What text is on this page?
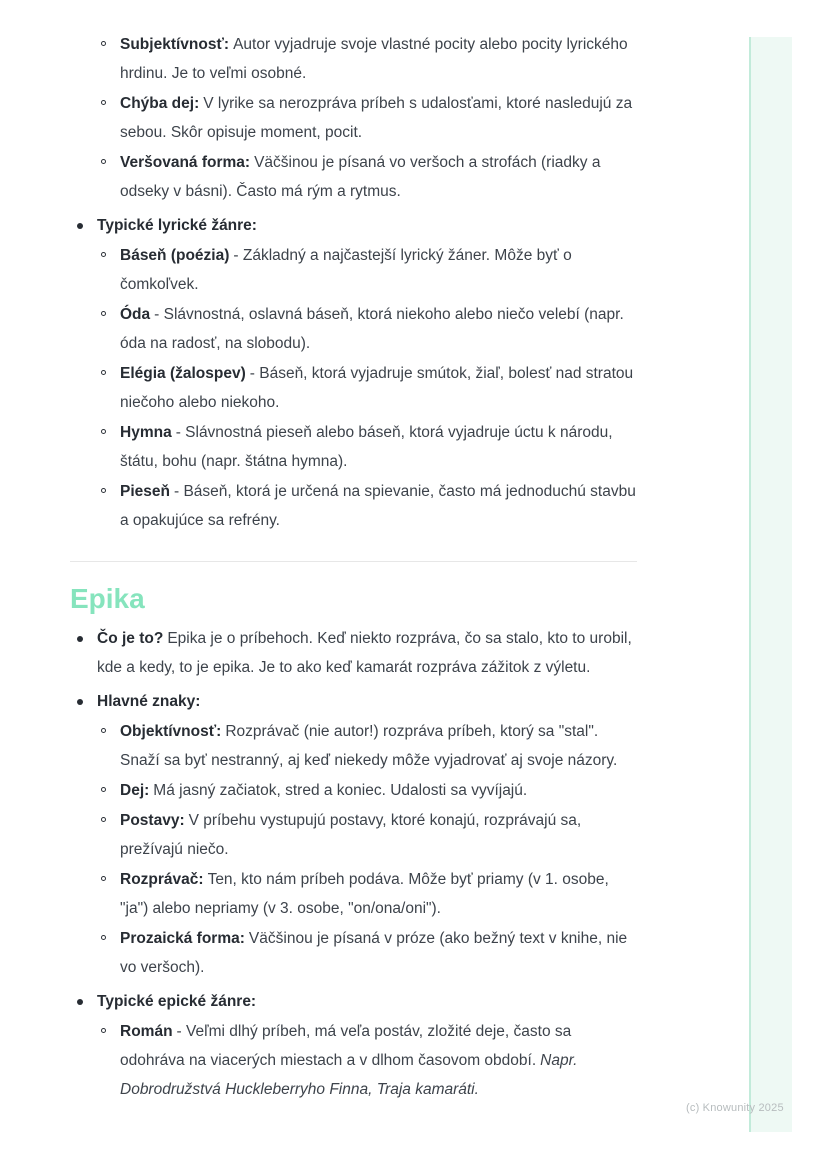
(c) Knowunity 2025
Subjektívnosť: Autor vyjadruje svoje vlastné pocity alebo pocity lyrického hrdinu. Je to veľmi osobné.
Chýba dej: V lyrike sa nerozpráva príbeh s udalosťami, ktoré nasledujú za sebou. Skôr opisuje moment, pocit.
Veršovaná forma: Väčšinou je písaná vo veršoch a strofách (riadky a odseky v básni). Často má rým a rytmus.
Typické lyrické žánre:
Báseň (poézia) - Základný a najčastejší lyrický žáner. Môže byť o čomkoľvek.
Óda - Slávnostná, oslavná báseň, ktorá niekoho alebo niečo velebí (napr. óda na radosť, na slobodu).
Elégia (žalospev) - Báseň, ktorá vyjadruje smútok, žiaľ, bolesť nad stratou niečoho alebo niekoho.
Hymna - Slávnostná pieseň alebo báseň, ktorá vyjadruje úctu k národu, štátu, bohu (napr. štátna hymna).
Pieseň - Báseň, ktorá je určená na spievanie, často má jednoduchú stavbu a opakujúce sa refrény.
Epika
Čo je to? Epika je o príbehoch. Keď niekto rozpráva, čo sa stalo, kto to urobil, kde a kedy, to je epika. Je to ako keď kamarát rozpráva zážitok z výletu.
Hlavné znaky:
Objektívnosť: Rozprávač (nie autor!) rozpráva príbeh, ktorý sa "stal". Snaží sa byť nestranný, aj keď niekedy môže vyjadrovať aj svoje názory.
Dej: Má jasný začiatok, stred a koniec. Udalosti sa vyvíjajú.
Postavy: V príbehu vystupujú postavy, ktoré konajú, rozprávajú sa, prežívajú niečo.
Rozprávač: Ten, kto nám príbeh podáva. Môže byť priamy (v 1. osobe, "ja") alebo nepriamy (v 3. osobe, "on/ona/oni").
Prozaická forma: Väčšinou je písaná v próze (ako bežný text v knihe, nie vo veršoch).
Typické epické žánre:
Román - Veľmi dlhý príbeh, má veľa postáv, zložité deje, často sa odohráva na viacerých miestach a v dlhom časovom období. Napr. Dobrodružstvá Huckleberryho Finna, Traja kamaráti.
